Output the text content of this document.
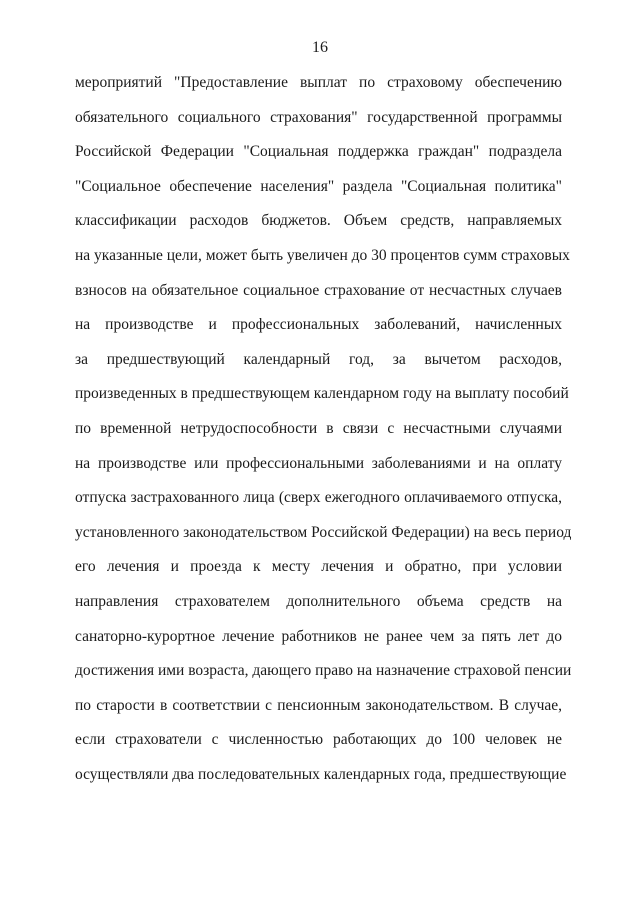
16
мероприятий "Предоставление выплат по страховому обеспечению
обязательного социального страхования" государственной программы
Российской Федерации "Социальная поддержка граждан" подраздела
"Социальное обеспечение населения" раздела "Социальная политика"
классификации расходов бюджетов. Объем средств, направляемых
на указанные цели, может быть увеличен до 30 процентов сумм страховых
взносов на обязательное социальное страхование от несчастных случаев
на производстве и профессиональных заболеваний, начисленных
за предшествующий календарный год, за вычетом расходов,
произведенных в предшествующем календарном году на выплату пособий
по временной нетрудоспособности в связи с несчастными случаями
на производстве или профессиональными заболеваниями и на оплату
отпуска застрахованного лица (сверх ежегодного оплачиваемого отпуска,
установленного законодательством Российской Федерации) на весь период
его лечения и проезда к месту лечения и обратно, при условии
направления страхователем дополнительного объема средств на
санаторно-курортное лечение работников не ранее чем за пять лет до
достижения ими возраста, дающего право на назначение страховой пенсии
по старости в соответствии с пенсионным законодательством. В случае,
если страхователи с численностью работающих до 100 человек не
осуществляли два последовательных календарных года, предшествующие
